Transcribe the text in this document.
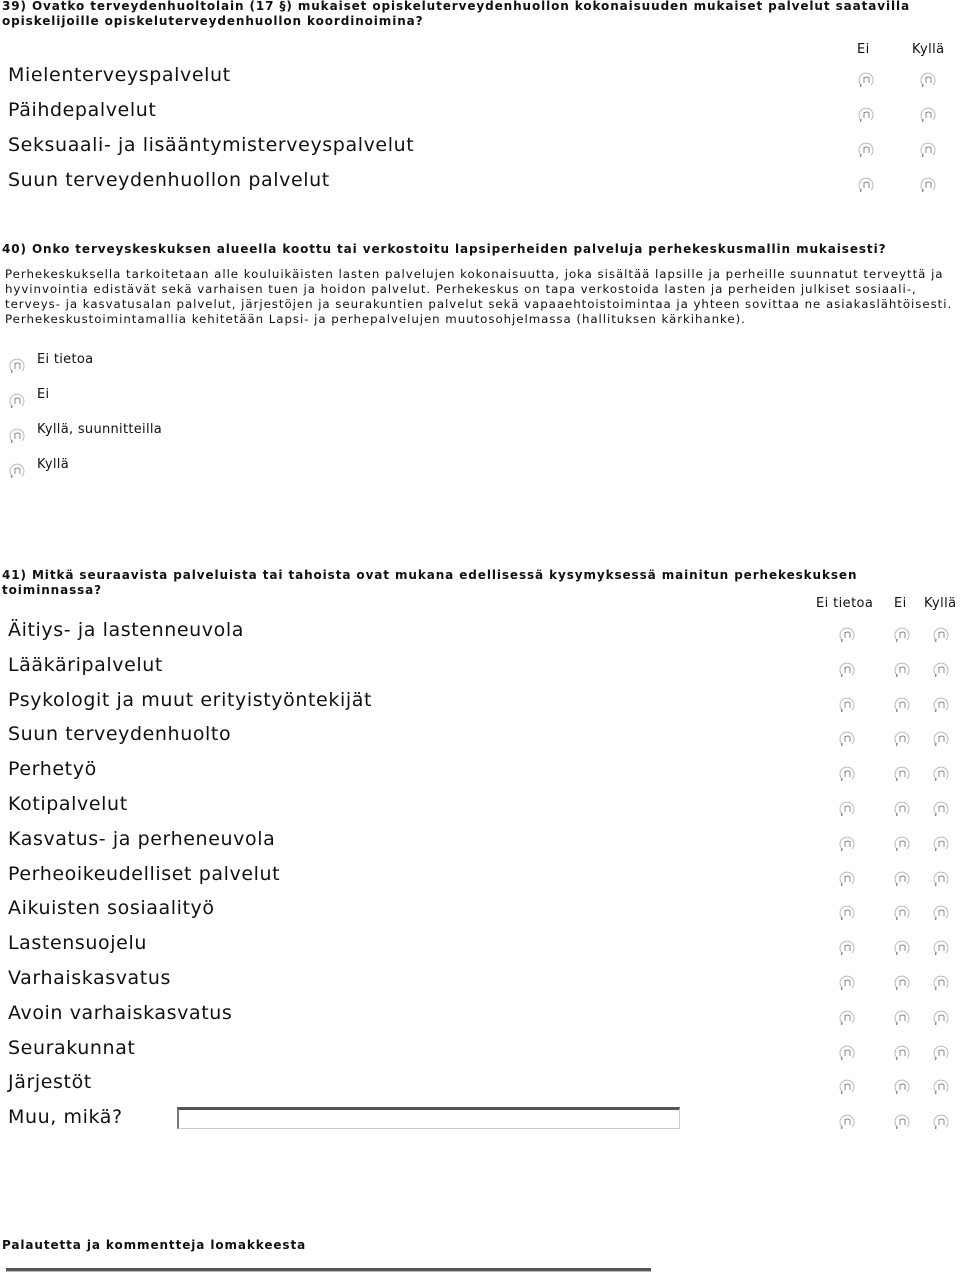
39) Ovatko terveydenhuoltolain (17 §) mukaiset opiskeluterveydenhuollon kokonaisuuden mukaiset palvelut saatavilla opiskelijoille opiskeluterveydenhuollon koordinoimina?
Ei	Kyllä
Mielenterveyspalvelut
Päihdepalvelut
Seksuaali- ja lisääntymisterveyspalvelut
Suun terveydenhuollon palvelut
40) Onko terveyskeskuksen alueella koottu tai verkostoitu lapsiperheiden palveluja perhekeskusmallin mukaisesti?
Perhekeskuksella tarkoitetaan alle kouluikäisten lasten palvelujen kokonaisuutta, joka sisältää lapsille ja perheille suunnatut terveyttä ja hyvinvointia edistävät sekä varhaisen tuen ja hoidon palvelut. Perhekeskus on tapa verkostoida lasten ja perheiden julkiset sosiaali-, terveys- ja kasvatusalan palvelut, järjestöjen ja seurakuntien palvelut sekä vapaaehtoistoimintaa ja yhteen sovittaa ne asiakaslähtöisesti. Perhekeskustoimintamallia kehitetään Lapsi- ja perhepalvelujen muutosohjelmassa (hallituksen kärkihanke).
Ei tietoa
Ei
Kyllä, suunnitteilla
Kyllä
41) Mitkä seuraavista palveluista tai tahoista ovat mukana edellisessä kysymyksessä mainitun perhekeskuksen toiminnassa?
Ei tietoa Ei Kyllä
Äitiys- ja lastenneuvola
Lääkäripalvelut
Psykologit ja muut erityistyöntekijät
Suun terveydenhuolto
Perhetyö
Kotipalvelut
Kasvatus- ja perheneuvola
Perheoikeudelliset palvelut
Aikuisten sosiaalityö
Lastensuojelu
Varhaiskasvatus
Avoin varhaiskasvatus
Seurakunnat
Järjestöt
Muu, mikä?
Palautetta ja kommentteja lomakkeesta
